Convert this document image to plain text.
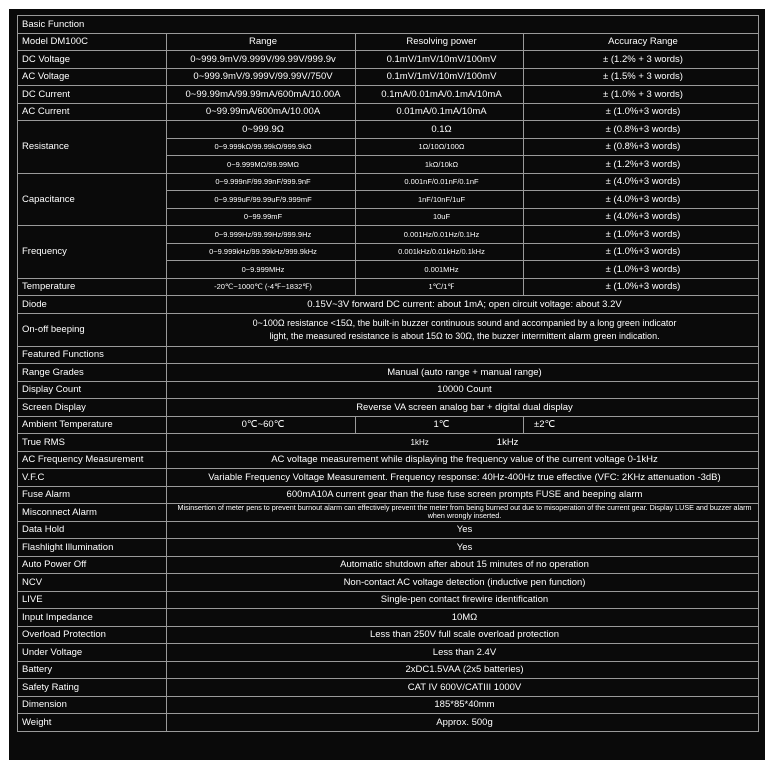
Basic Function			
Model DM100C	Range	Resolving power	Accuracy Range
DC Voltage	0~999.9mV/9.999V/99.99V/999.9v	0.1mV/1mV/10mV/100mV	± (1.2% + 3 words)
AC Voltage	0~999.9mV/9.999V/99.99V/750V	0.1mV/1mV/10mV/100mV	± (1.5% + 3 words)
DC Current	0~99.99mA/99.99mA/600mA/10.00A	0.1mA/0.01mA/0.1mA/10mA	± (1.0% + 3 words)
AC Current	0~99.99mA/600mA/10.00A	0.01mA/0.1mA/10mA	± (1.0%+3 words)
Resistance	0~999.9Ω	0.1Ω	± (0.8%+3 words)
	0~9.999kΩ/99.99kΩ/999.9kΩ	1Ω/10Ω/100Ω	± (0.8%+3 words)
	0~9.999MΩ/99.99MΩ	1kΩ/10kΩ	± (1.2%+3 words)
Capacitance	0~9.999nF/99.99nF/999.9nF	0.001nF/0.01nF/0.1nF	± (4.0%+3 words)
	0~9.999uF/99.99uF/9.999mF	1nF/10nF/1uF	± (4.0%+3 words)
	0~99.99mF	10uF	± (4.0%+3 words)
Frequency	0~9.999Hz/99.99Hz/999.9Hz	0.001Hz/0.01Hz/0.1Hz	± (1.0%+3 words)
	0~9.999kHz/99.99kHz/999.9kHz	0.001kHz/0.01kHz/0.1kHz	± (1.0%+3 words)
	0~9.999MHz	0.001MHz	± (1.0%+3 words)
Temperature	-20℃~1000℃ (-4℉~1832℉)	1℃/1℉	± (1.0%+3 words)
Diode	0.15V~3V forward DC current: about 1mA; open circuit voltage: about 3.2V		
On-off beeping	0~100Ω resistance <15Ω, the built-in buzzer continuous sound and accompanied by a long green indicator
light, the measured resistance is about 15Ω to 30Ω, the buzzer intermittent alarm green indication.		

Featured Functions			
Range Grades	Manual (auto range + manual range)		
Display Count	10000 Count		
Screen Display	Reverse VA screen analog bar + digital dual display		
Ambient Temperature	0℃~60℃	1℃	±2℃
True RMS	1kHz 1kHz		
AC Frequency Measurement	AC voltage measurement while displaying the frequency value of the current voltage 0-1kHz		
V.F.C	Variable Frequency Voltage Measurement. Frequency response: 40Hz-400Hz true effective (VFC: 2KHz attenuation -3dB)		
Fuse Alarm	600mA10A current gear than the fuse fuse screen prompts FUSE and beeping alarm		
Misconnect Alarm	Misinsertion of meter pens to prevent burnout alarm can effectively prevent the meter from being burned out due to misoperation of the current gear. Display LUSE and buzzer alarm when wrongly inserted.		
Data Hold	Yes		
Flashlight Illumination	Yes		
Auto Power Off	Automatic shutdown after about 15 minutes of no operation		
NCV	Non-contact AC voltage detection (inductive pen function)		
LIVE	Single-pen contact firewire identification		
Input Impedance	10MΩ		
Overload Protection	Less than 250V full scale overload protection		
Under Voltage	Less than 2.4V		
Battery	2xDC1.5VAA (2x5 batteries)		
Safety Rating	CAT IV 600V/CATIII 1000V		
Dimension	185*85*40mm		
Weight	Approx. 500g		
